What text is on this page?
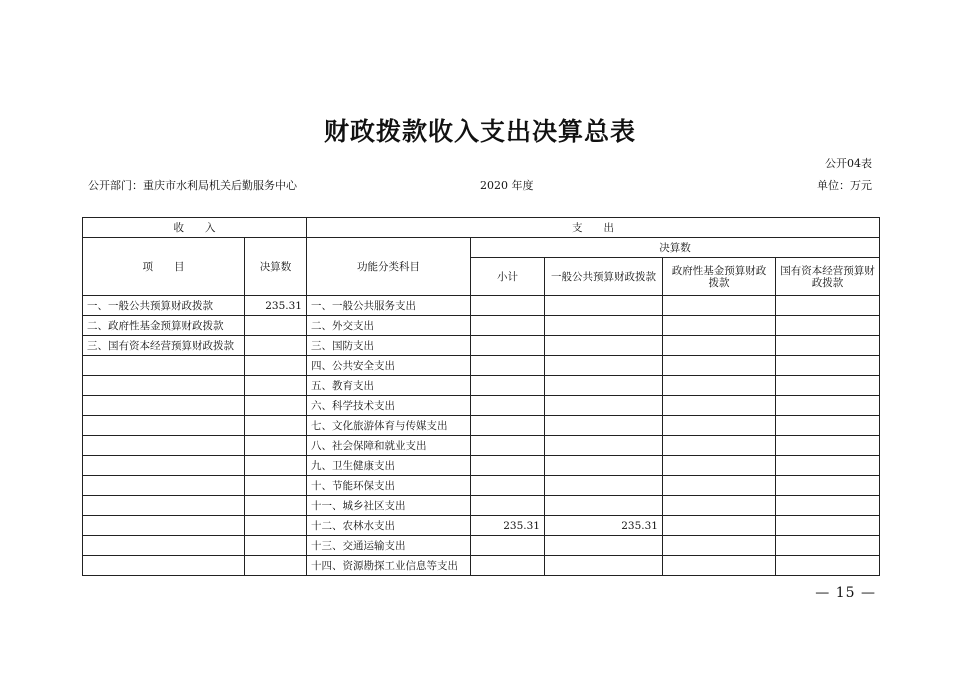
财政拨款收入支出决算总表
公开04表
公开部门：重庆市水利局机关后勤服务中心	2020 年度	单位：万元
收　　入		支　　出				
项　　目	决算数	功能分类科目	决算数			
			小计	一般公共预算财政拨款	政府性基金预算财政拨款	国有资本经营预算财政拨款
一、一般公共预算财政拨款	235.31	一、一般公共服务支出				
二、政府性基金预算财政拨款		二、外交支出				
三、国有资本经营预算财政拨款		三、国防支出				
		四、公共安全支出				
		五、教育支出				
		六、科学技术支出				
		七、文化旅游体育与传媒支出				
		八、社会保障和就业支出				
		九、卫生健康支出				
		十、节能环保支出				
		十一、城乡社区支出				
		十二、农林水支出	235.31	235.31		
		十三、交通运输支出				
		十四、资源勘探工业信息等支出				
— 15 —
